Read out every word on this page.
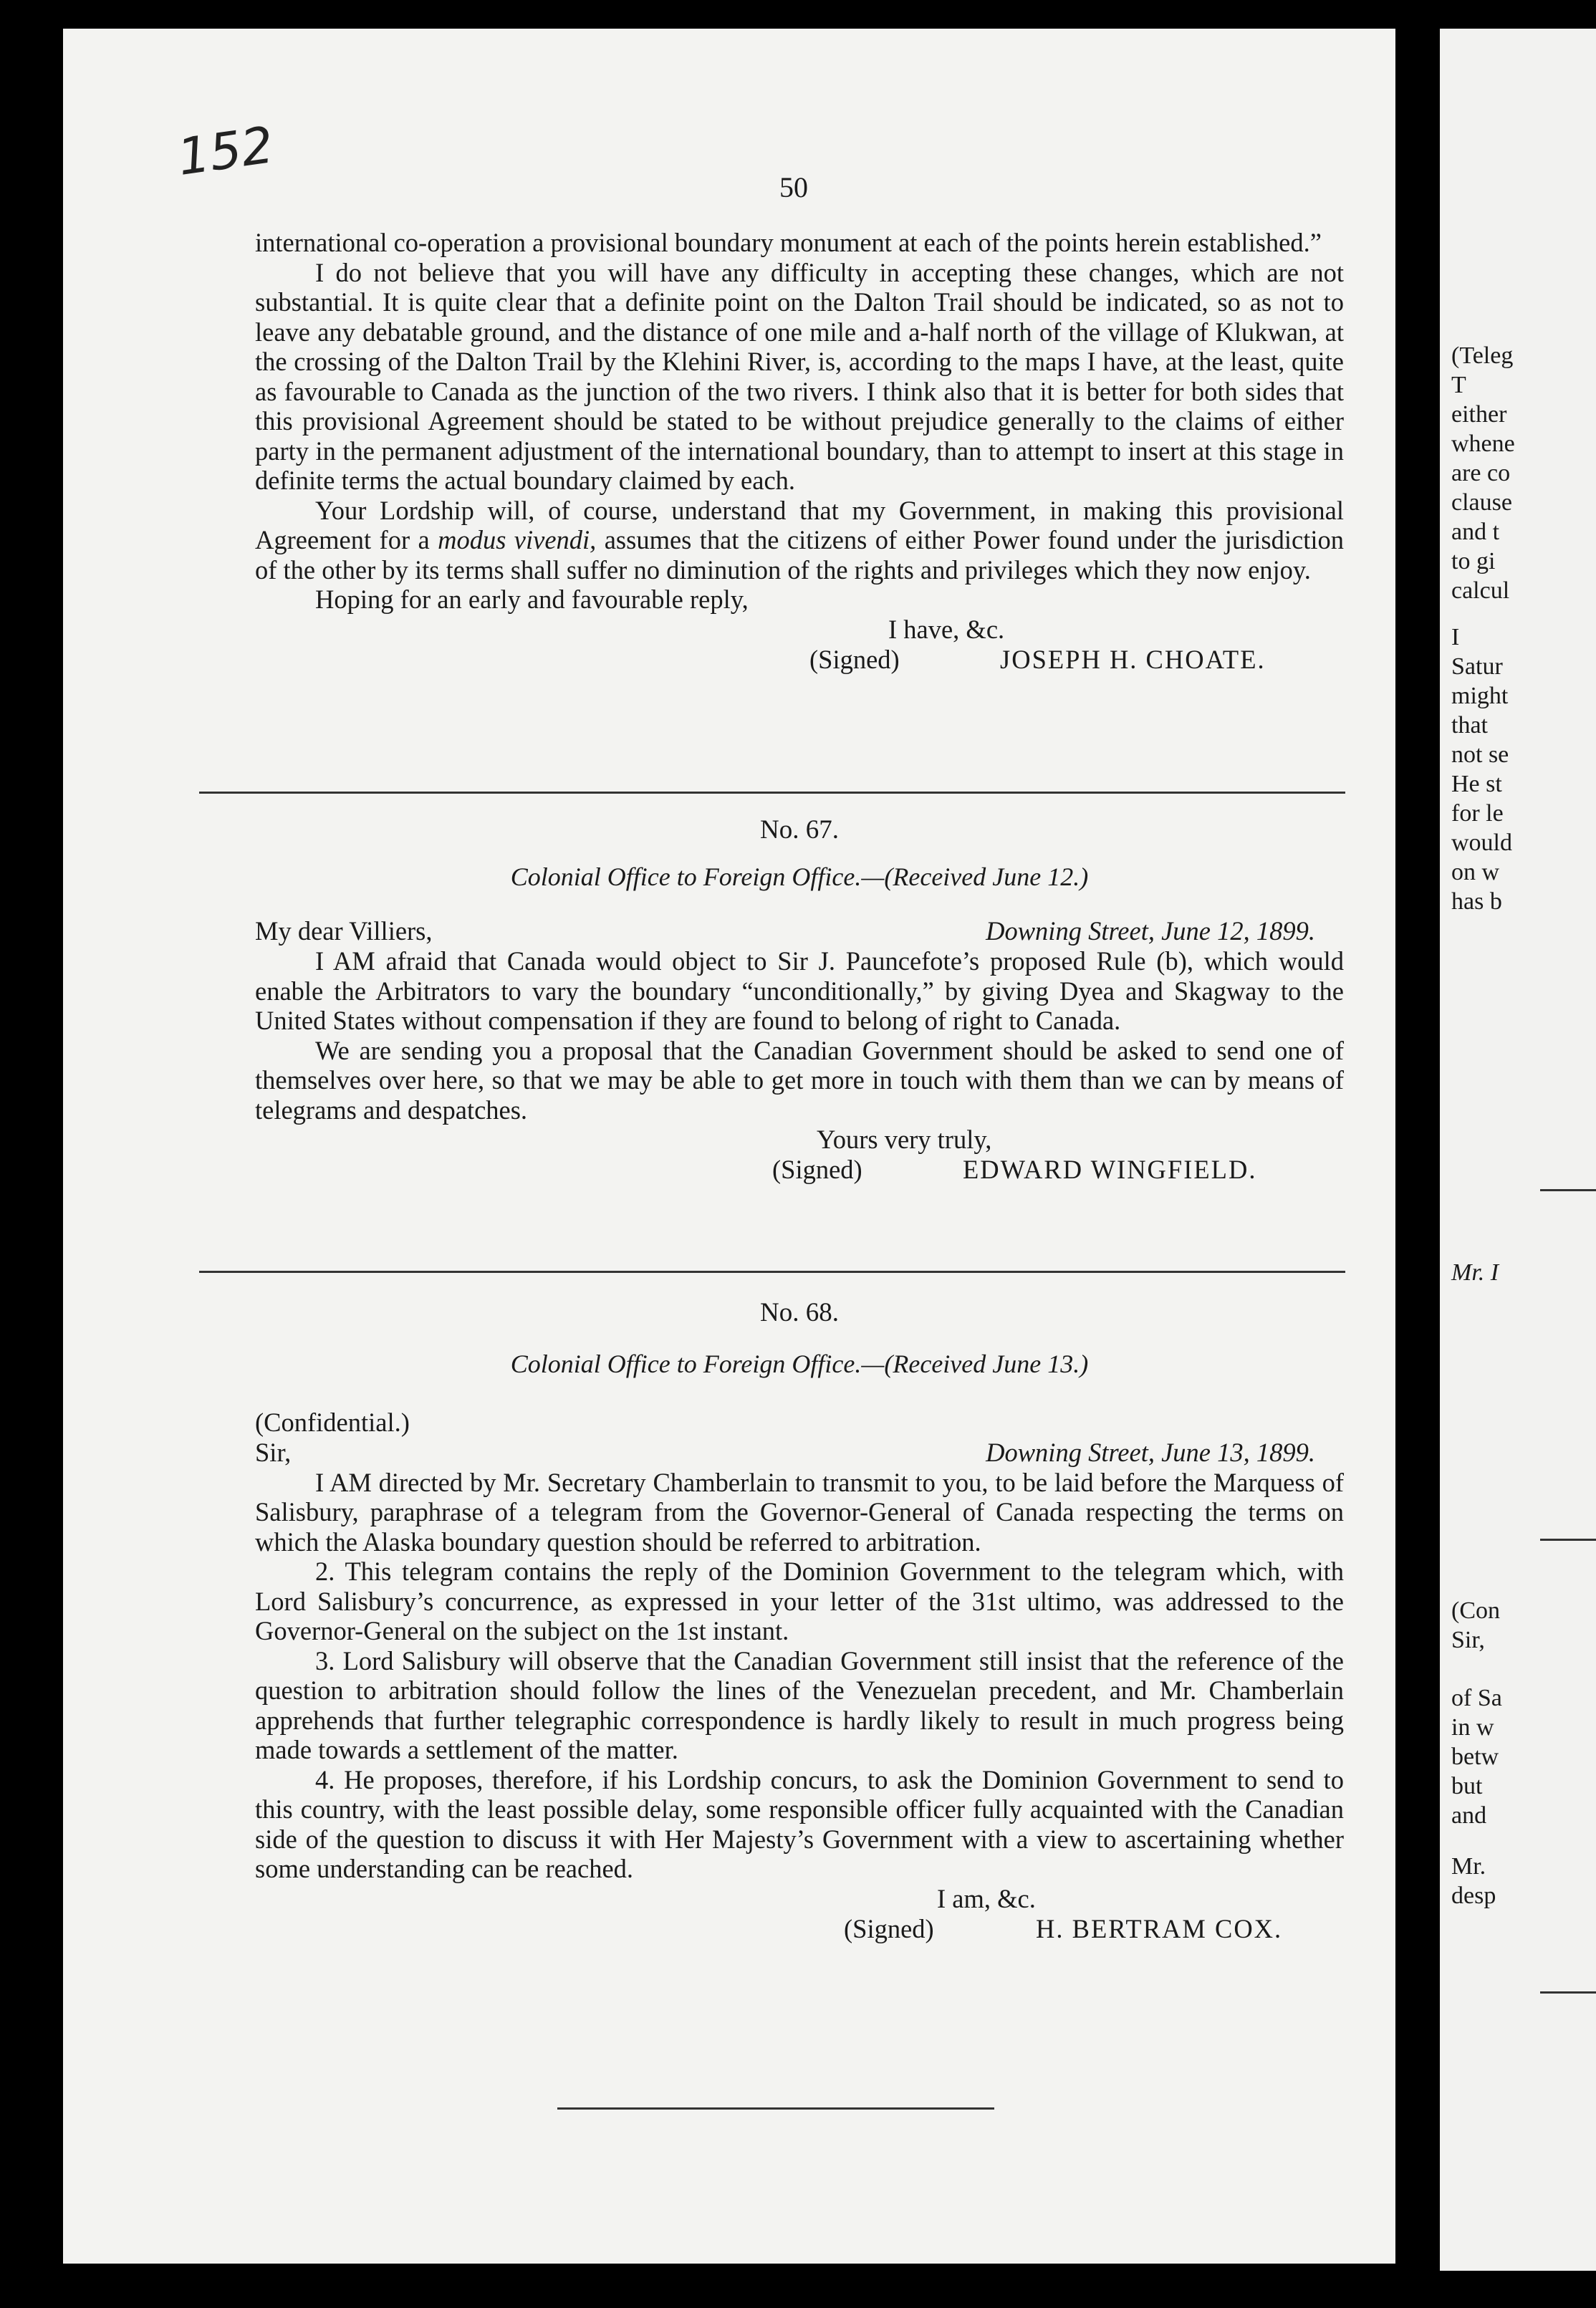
152
50

international co-operation a provisional boundary monument at each of the points herein established.”

I do not believe that you will have any difficulty in accepting these changes, which are not substantial. It is quite clear that a definite point on the Dalton Trail should be indicated, so as not to leave any debatable ground, and the distance of one mile and a-half north of the village of Klukwan, at the crossing of the Dalton Trail by the Klehini River, is, according to the maps I have, at the least, quite as favourable to Canada as the junction of the two rivers. I think also that it is better for both sides that this provisional Agreement should be stated to be without prejudice generally to the claims of either party in the permanent adjustment of the international boundary, than to attempt to insert at this stage in definite terms the actual boundary claimed by each.

Your Lordship will, of course, understand that my Government, in making this provisional Agreement for a modus vivendi, assumes that the citizens of either Power found under the jurisdiction of the other by its terms shall suffer no diminution of the rights and privileges which they now enjoy.

Hoping for an early and favourable reply,

I have, &c.
(Signed)	JOSEPH H. CHOATE.

No. 67.

Colonial Office to Foreign Office.—(Received June 12.)

My dear Villiers,	Downing Street, June 12, 1899.

I AM afraid that Canada would object to Sir J. Pauncefote’s proposed Rule (b), which would enable the Arbitrators to vary the boundary “unconditionally,” by giving Dyea and Skagway to the United States without compensation if they are found to belong of right to Canada.

We are sending you a proposal that the Canadian Government should be asked to send one of themselves over here, so that we may be able to get more in touch with them than we can by means of telegrams and despatches.

Yours very truly,
(Signed)	EDWARD WINGFIELD.

No. 68.

Colonial Office to Foreign Office.—(Received June 13.)

(Confidential.)

Sir,	Downing Street, June 13, 1899.

I AM directed by Mr. Secretary Chamberlain to transmit to you, to be laid before the Marquess of Salisbury, paraphrase of a telegram from the Governor-General of Canada respecting the terms on which the Alaska boundary question should be referred to arbitration.

2. This telegram contains the reply of the Dominion Government to the telegram which, with Lord Salisbury’s concurrence, as expressed in your letter of the 31st ultimo, was addressed to the Governor-General on the subject on the 1st instant.

3. Lord Salisbury will observe that the Canadian Government still insist that the reference of the question to arbitration should follow the lines of the Venezuelan precedent, and Mr. Chamberlain apprehends that further telegraphic correspondence is hardly likely to result in much progress being made towards a settlement of the matter.

4. He proposes, therefore, if his Lordship concurs, to ask the Dominion Government to send to this country, with the least possible delay, some responsible officer fully acquainted with the Canadian side of the question to discuss it with Her Majesty’s Government with a view to ascertaining whether some understanding can be reached.

I am, &c.
(Signed)	H. BERTRAM COX.
(Teleg
T
either
whene
are co
clause
and t
to gi
calcul
I
Satur
might
that
not se
He st
for le
would
on w
has b
Mr. I
(Con
Sir,
of Sa
in w
betw
but
and
Mr.
desp
